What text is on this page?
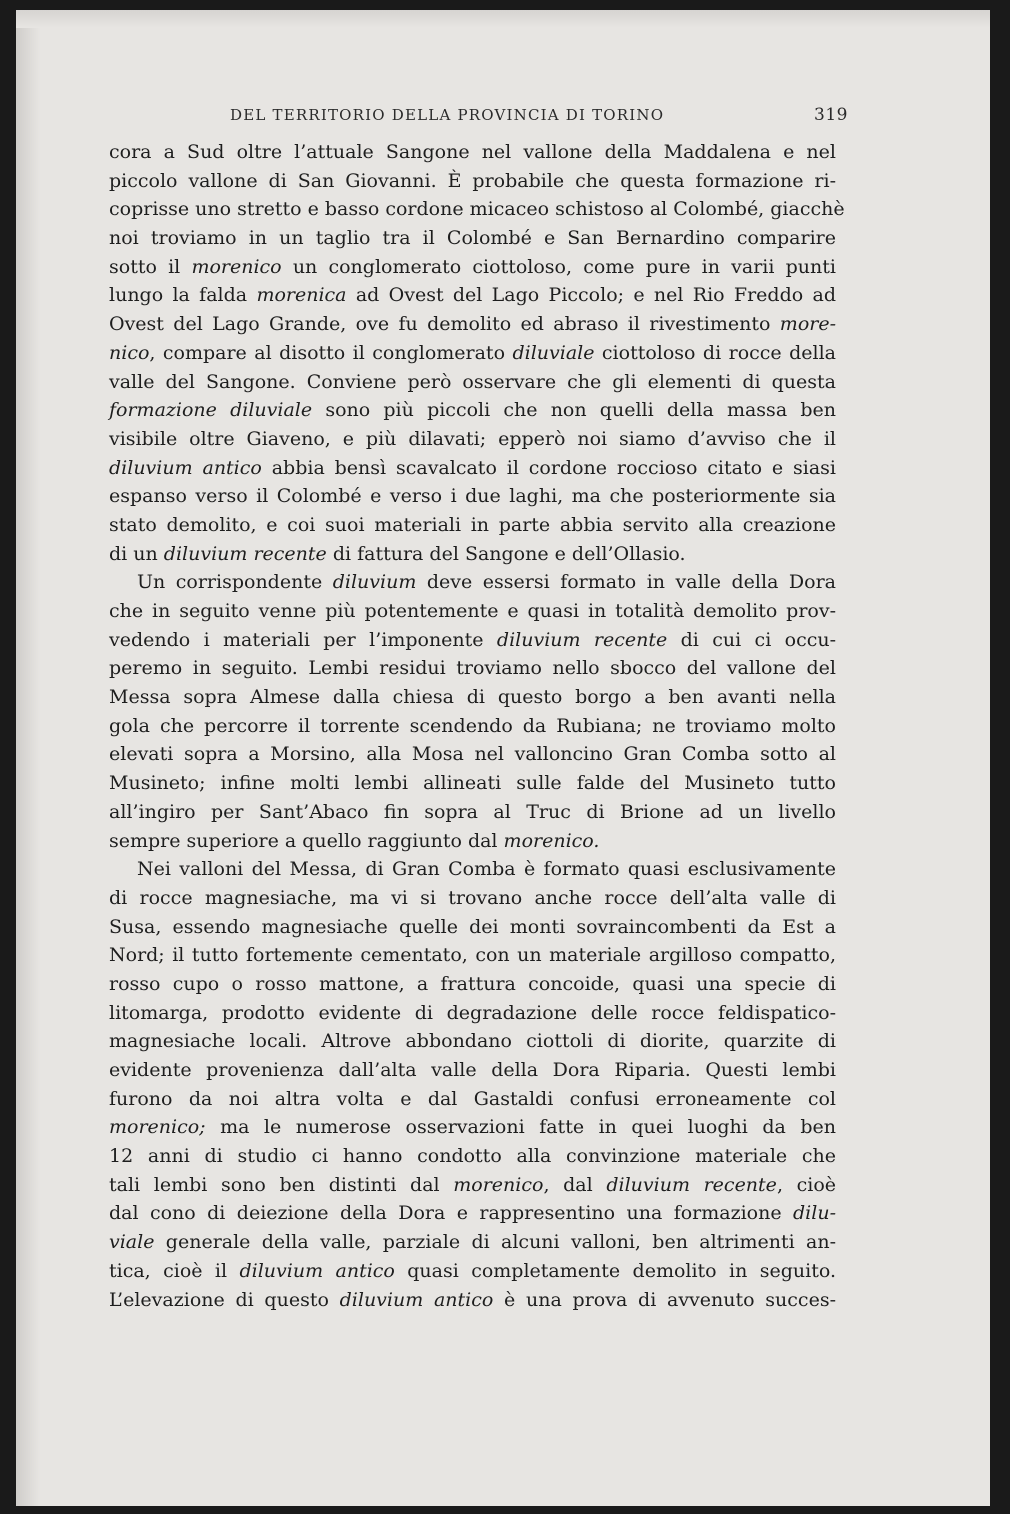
DEL TERRITORIO DELLA PROVINCIA DI TORINO	319
cora a Sud oltre l’attuale Sangone nel vallone della Maddalena e nel
piccolo vallone di San Giovanni. È probabile che questa formazione ri-
coprisse uno stretto e basso cordone micaceo schistoso al Colombé, giacchè
noi troviamo in un taglio tra il Colombé e San Bernardino comparire
sotto il morenico un conglomerato ciottoloso, come pure in varii punti
lungo la falda morenica ad Ovest del Lago Piccolo; e nel Rio Freddo ad
Ovest del Lago Grande, ove fu demolito ed abraso il rivestimento more-
nico, compare al disotto il conglomerato diluviale ciottoloso di rocce della
valle del Sangone. Conviene però osservare che gli elementi di questa
formazione diluviale sono più piccoli che non quelli della massa ben
visibile oltre Giaveno, e più dilavati; epperò noi siamo d’avviso che il
diluvium antico abbia bensì scavalcato il cordone roccioso citato e siasi
espanso verso il Colombé e verso i due laghi, ma che posteriormente sia
stato demolito, e coi suoi materiali in parte abbia servito alla creazione
di un diluvium recente di fattura del Sangone e dell’Ollasio.
Un corrispondente diluvium deve essersi formato in valle della Dora
che in seguito venne più potentemente e quasi in totalità demolito prov-
vedendo i materiali per l’imponente diluvium recente di cui ci occu-
peremo in seguito. Lembi residui troviamo nello sbocco del vallone del
Messa sopra Almese dalla chiesa di questo borgo a ben avanti nella
gola che percorre il torrente scendendo da Rubiana; ne troviamo molto
elevati sopra a Morsino, alla Mosa nel valloncino Gran Comba sotto al
Musineto; infine molti lembi allineati sulle falde del Musineto tutto
all’ingiro per Sant’Abaco fin sopra al Truc di Brione ad un livello
sempre superiore a quello raggiunto dal morenico.
Nei valloni del Messa, di Gran Comba è formato quasi esclusivamente
di rocce magnesiache, ma vi si trovano anche rocce dell’alta valle di
Susa, essendo magnesiache quelle dei monti sovraincombenti da Est a
Nord; il tutto fortemente cementato, con un materiale argilloso compatto,
rosso cupo o rosso mattone, a frattura concoide, quasi una specie di
litomarga, prodotto evidente di degradazione delle rocce feldispatico-
magnesiache locali. Altrove abbondano ciottoli di diorite, quarzite di
evidente provenienza dall’alta valle della Dora Riparia. Questi lembi
furono da noi altra volta e dal Gastaldi confusi erroneamente col
morenico; ma le numerose osservazioni fatte in quei luoghi da ben
12 anni di studio ci hanno condotto alla convinzione materiale che
tali lembi sono ben distinti dal morenico, dal diluvium recente, cioè
dal cono di deiezione della Dora e rappresentino una formazione dilu-
viale generale della valle, parziale di alcuni valloni, ben altrimenti an-
tica, cioè il diluvium antico quasi completamente demolito in seguito.
L’elevazione di questo diluvium antico è una prova di avvenuto succes-
